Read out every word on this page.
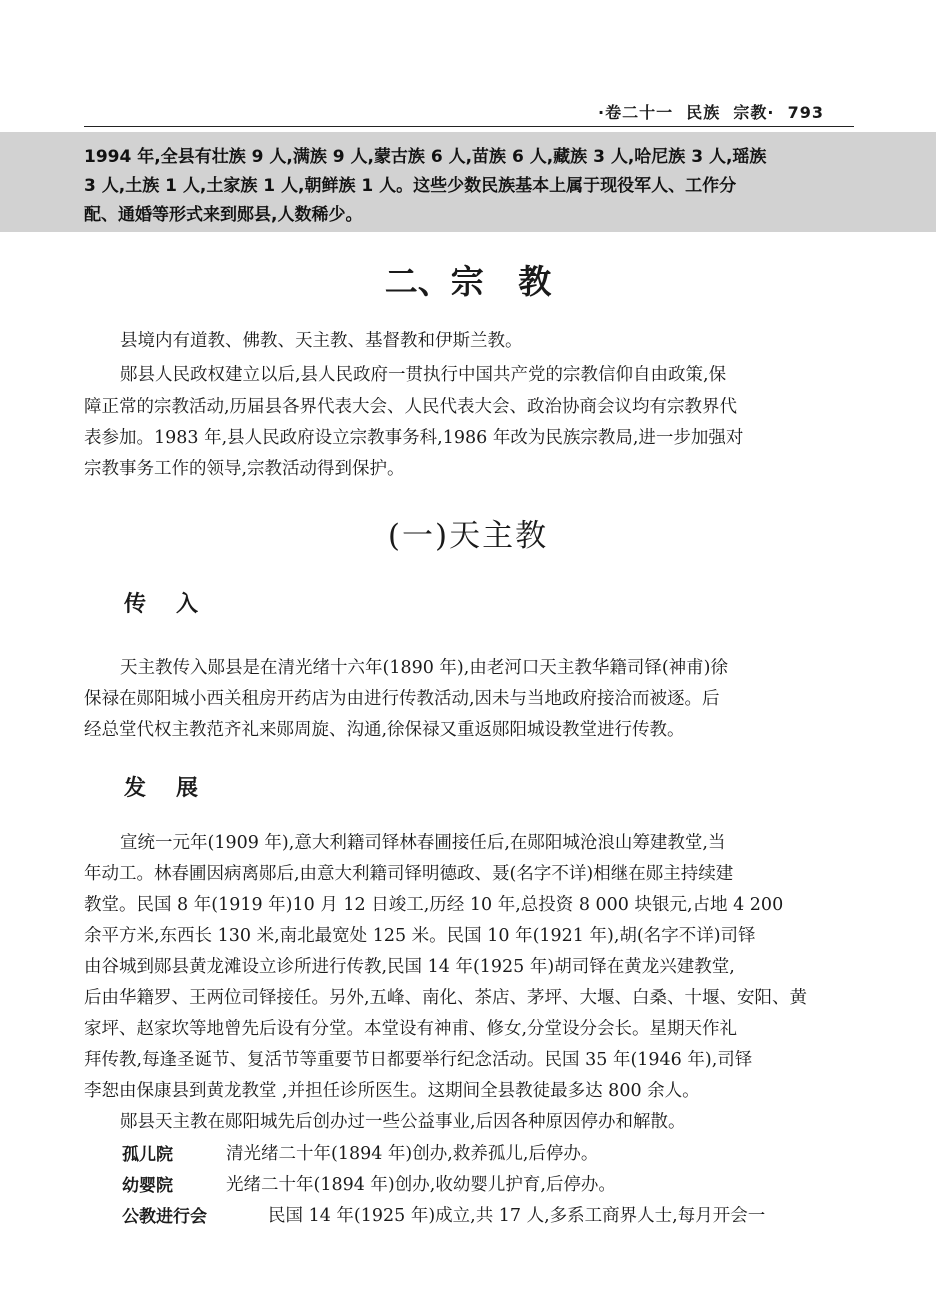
·卷二十一  民族  宗教· 793
1994 年,全县有壮族 9 人,满族 9 人,蒙古族 6 人,苗族 6 人,藏族 3 人,哈尼族 3 人,瑶族
3 人,土族 1 人,土家族 1 人,朝鲜族 1 人。这些少数民族基本上属于现役军人、工作分
配、通婚等形式来到郧县,人数稀少。
二、宗   教
县境内有道教、佛教、天主教、基督教和伊斯兰教。
郧县人民政权建立以后,县人民政府一贯执行中国共产党的宗教信仰自由政策,保
障正常的宗教活动,历届县各界代表大会、人民代表大会、政治协商会议均有宗教界代
表参加。1983 年,县人民政府设立宗教事务科,1986 年改为民族宗教局,进一步加强对
宗教事务工作的领导,宗教活动得到保护。
(一)天主教
传入
天主教传入郧县是在清光绪十六年(1890 年),由老河口天主教华籍司铎(神甫)徐
保禄在郧阳城小西关租房开药店为由进行传教活动,因未与当地政府接洽而被逐。后
经总堂代权主教范齐礼来郧周旋、沟通,徐保禄又重返郧阳城设教堂进行传教。
发展
宣统一元年(1909 年),意大利籍司铎林春圃接任后,在郧阳城沧浪山筹建教堂,当
年动工。林春圃因病离郧后,由意大利籍司铎明德政、聂(名字不详)相继在郧主持续建
教堂。民国 8 年(1919 年)10 月 12 日竣工,历经 10 年,总投资 8 000 块银元,占地 4 200
余平方米,东西长 130 米,南北最宽处 125 米。民国 10 年(1921 年),胡(名字不详)司铎
由谷城到郧县黄龙滩设立诊所进行传教,民国 14 年(1925 年)胡司铎在黄龙兴建教堂,
后由华籍罗、王两位司铎接任。另外,五峰、南化、茶店、茅坪、大堰、白桑、十堰、安阳、黄
家坪、赵家坎等地曾先后设有分堂。本堂设有神甫、修女,分堂设分会长。星期天作礼
拜传教,每逢圣诞节、复活节等重要节日都要举行纪念活动。民国 35 年(1946 年),司铎
李恕由保康县到黄龙教堂 ,并担任诊所医生。这期间全县教徒最多达 800 余人。
郧县天主教在郧阳城先后创办过一些公益事业,后因各种原因停办和解散。
孤儿院	清光绪二十年(1894 年)创办,救养孤儿,后停办。
幼婴院	光绪二十年(1894 年)创办,收幼婴儿护育,后停办。
公教进行会	民国 14 年(1925 年)成立,共 17 人,多系工商界人士,每月开会一
